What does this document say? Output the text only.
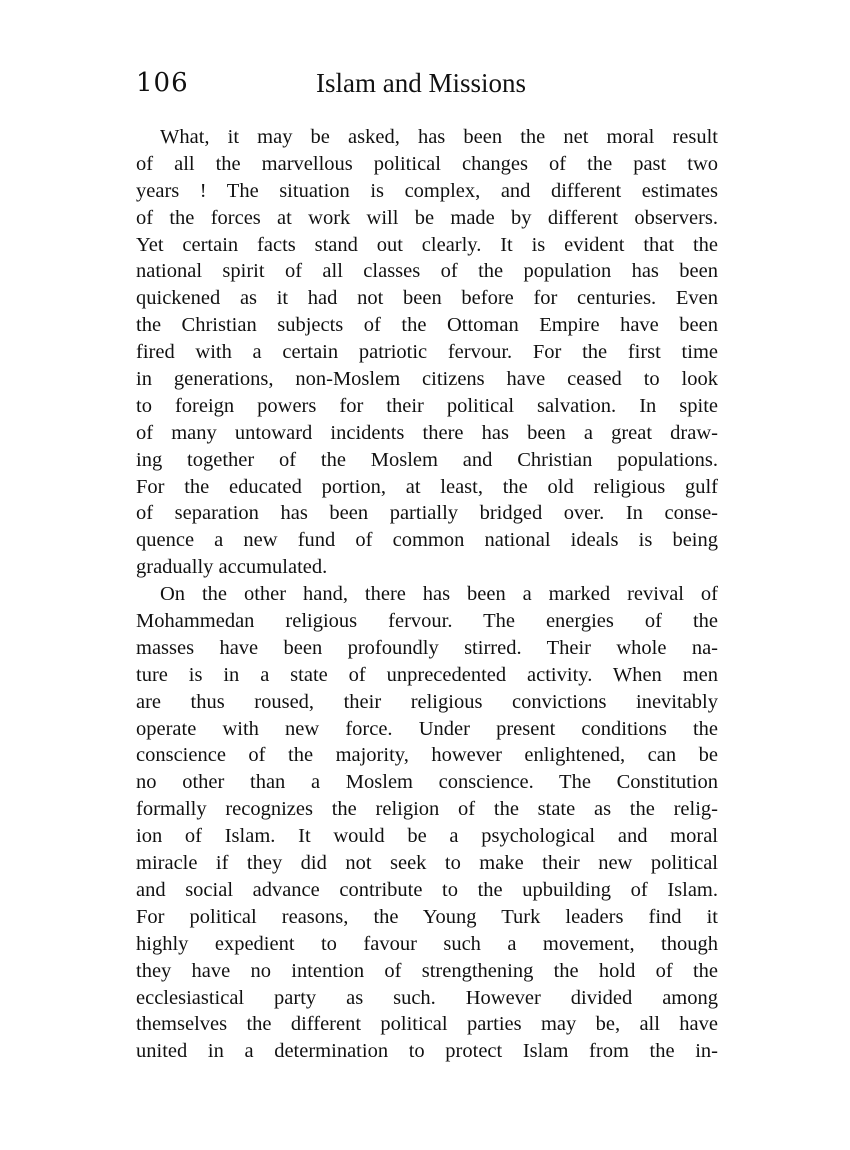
106	Islam and Missions
What, it may be asked, has been the net moral result
of all the marvellous political changes of the past two
years ! The situation is complex, and different estimates
of the forces at work will be made by different observers.
Yet certain facts stand out clearly. It is evident that the
national spirit of all classes of the population has been
quickened as it had not been before for centuries. Even
the Christian subjects of the Ottoman Empire have been
fired with a certain patriotic fervour. For the first time
in generations, non-Moslem citizens have ceased to look
to foreign powers for their political salvation. In spite
of many untoward incidents there has been a great draw-
ing together of the Moslem and Christian populations.
For the educated portion, at least, the old religious gulf
of separation has been partially bridged over. In conse-
quence a new fund of common national ideals is being
gradually accumulated.
On the other hand, there has been a marked revival of
Mohammedan religious fervour. The energies of the
masses have been profoundly stirred. Their whole na-
ture is in a state of unprecedented activity. When men
are thus roused, their religious convictions inevitably
operate with new force. Under present conditions the
conscience of the majority, however enlightened, can be
no other than a Moslem conscience. The Constitution
formally recognizes the religion of the state as the relig-
ion of Islam. It would be a psychological and moral
miracle if they did not seek to make their new political
and social advance contribute to the upbuilding of Islam.
For political reasons, the Young Turk leaders find it
highly expedient to favour such a movement, though
they have no intention of strengthening the hold of the
ecclesiastical party as such. However divided among
themselves the different political parties may be, all have
united in a determination to protect Islam from the in-
